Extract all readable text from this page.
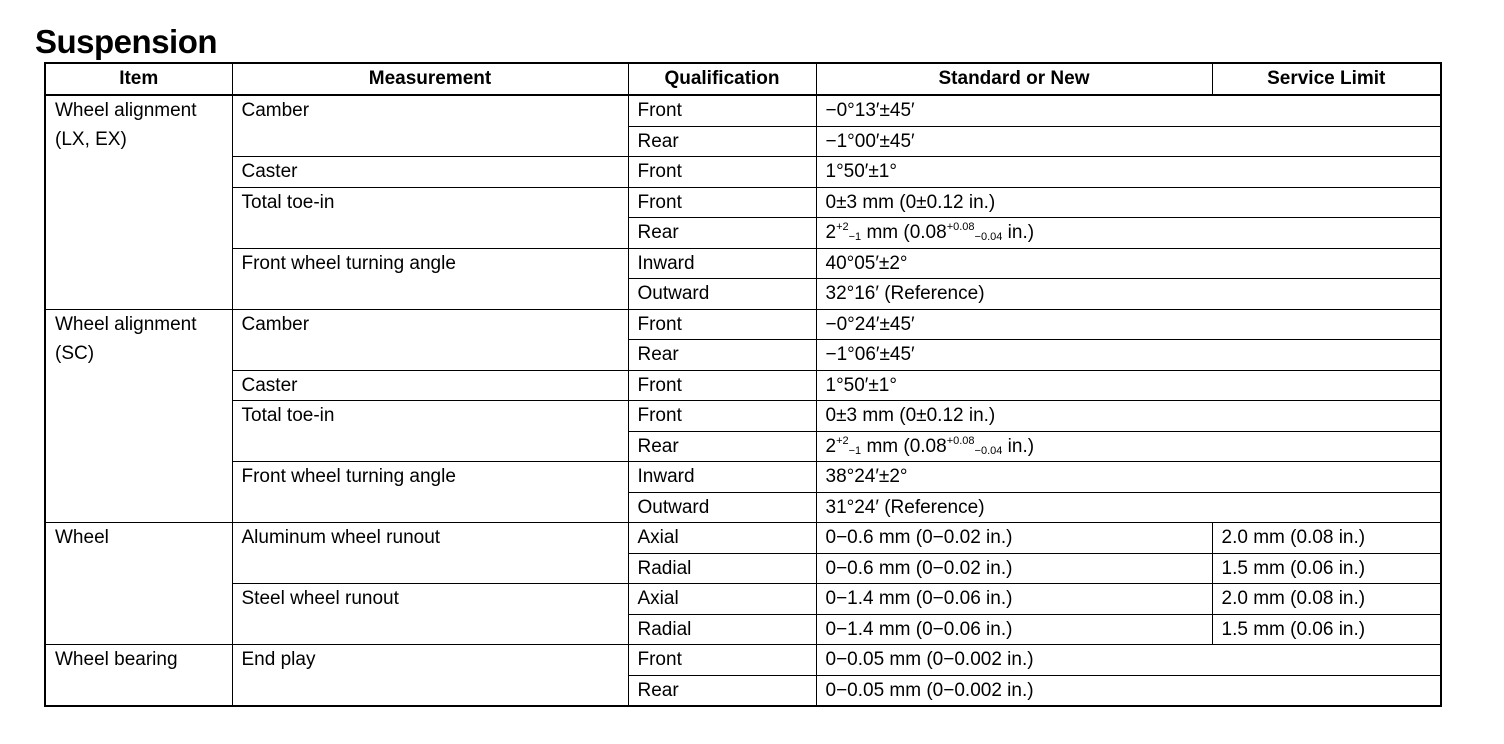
Suspension
Item	Measurement	Qualification	Standard or New	Service Limit

Wheel alignment
(LX, EX)	Camber	Front	−0°13′±45′	
		Rear	−1°00′±45′	
	Caster	Front	1°50′±1°	
	Total toe-in	Front	0±3 mm (0±0.12 in.)	
		Rear	$2^{+2}-1$ mm ($0.08^{+0.08}-0.04$ in.)	
	Front wheel turning angle	Inward	40°05′±2°	
		Outward	32°16′ (Reference)	

Wheel alignment
(SC)	Camber	Front	−0°24′±45′	
		Rear	−1°06′±45′	
	Caster	Front	1°50′±1°	
	Total toe-in	Front	0±3 mm (0±0.12 in.)	
		Rear	$2^{+2}-1$ mm ($0.08^{+0.08}-0.04$ in.)	
	Front wheel turning angle	Inward	38°24′±2°	
		Outward	31°24′ (Reference)	
Wheel	Aluminum wheel runout	Axial	0−0.6 mm (0−0.02 in.)	2.0 mm (0.08 in.)
		Radial	0−0.6 mm (0−0.02 in.)	1.5 mm (0.06 in.)
	Steel wheel runout	Axial	0−1.4 mm (0−0.06 in.)	2.0 mm (0.08 in.)
		Radial	0−1.4 mm (0−0.06 in.)	1.5 mm (0.06 in.)
Wheel bearing	End play	Front	0−0.05 mm (0−0.002 in.)	
		Rear	0−0.05 mm (0−0.002 in.)	
